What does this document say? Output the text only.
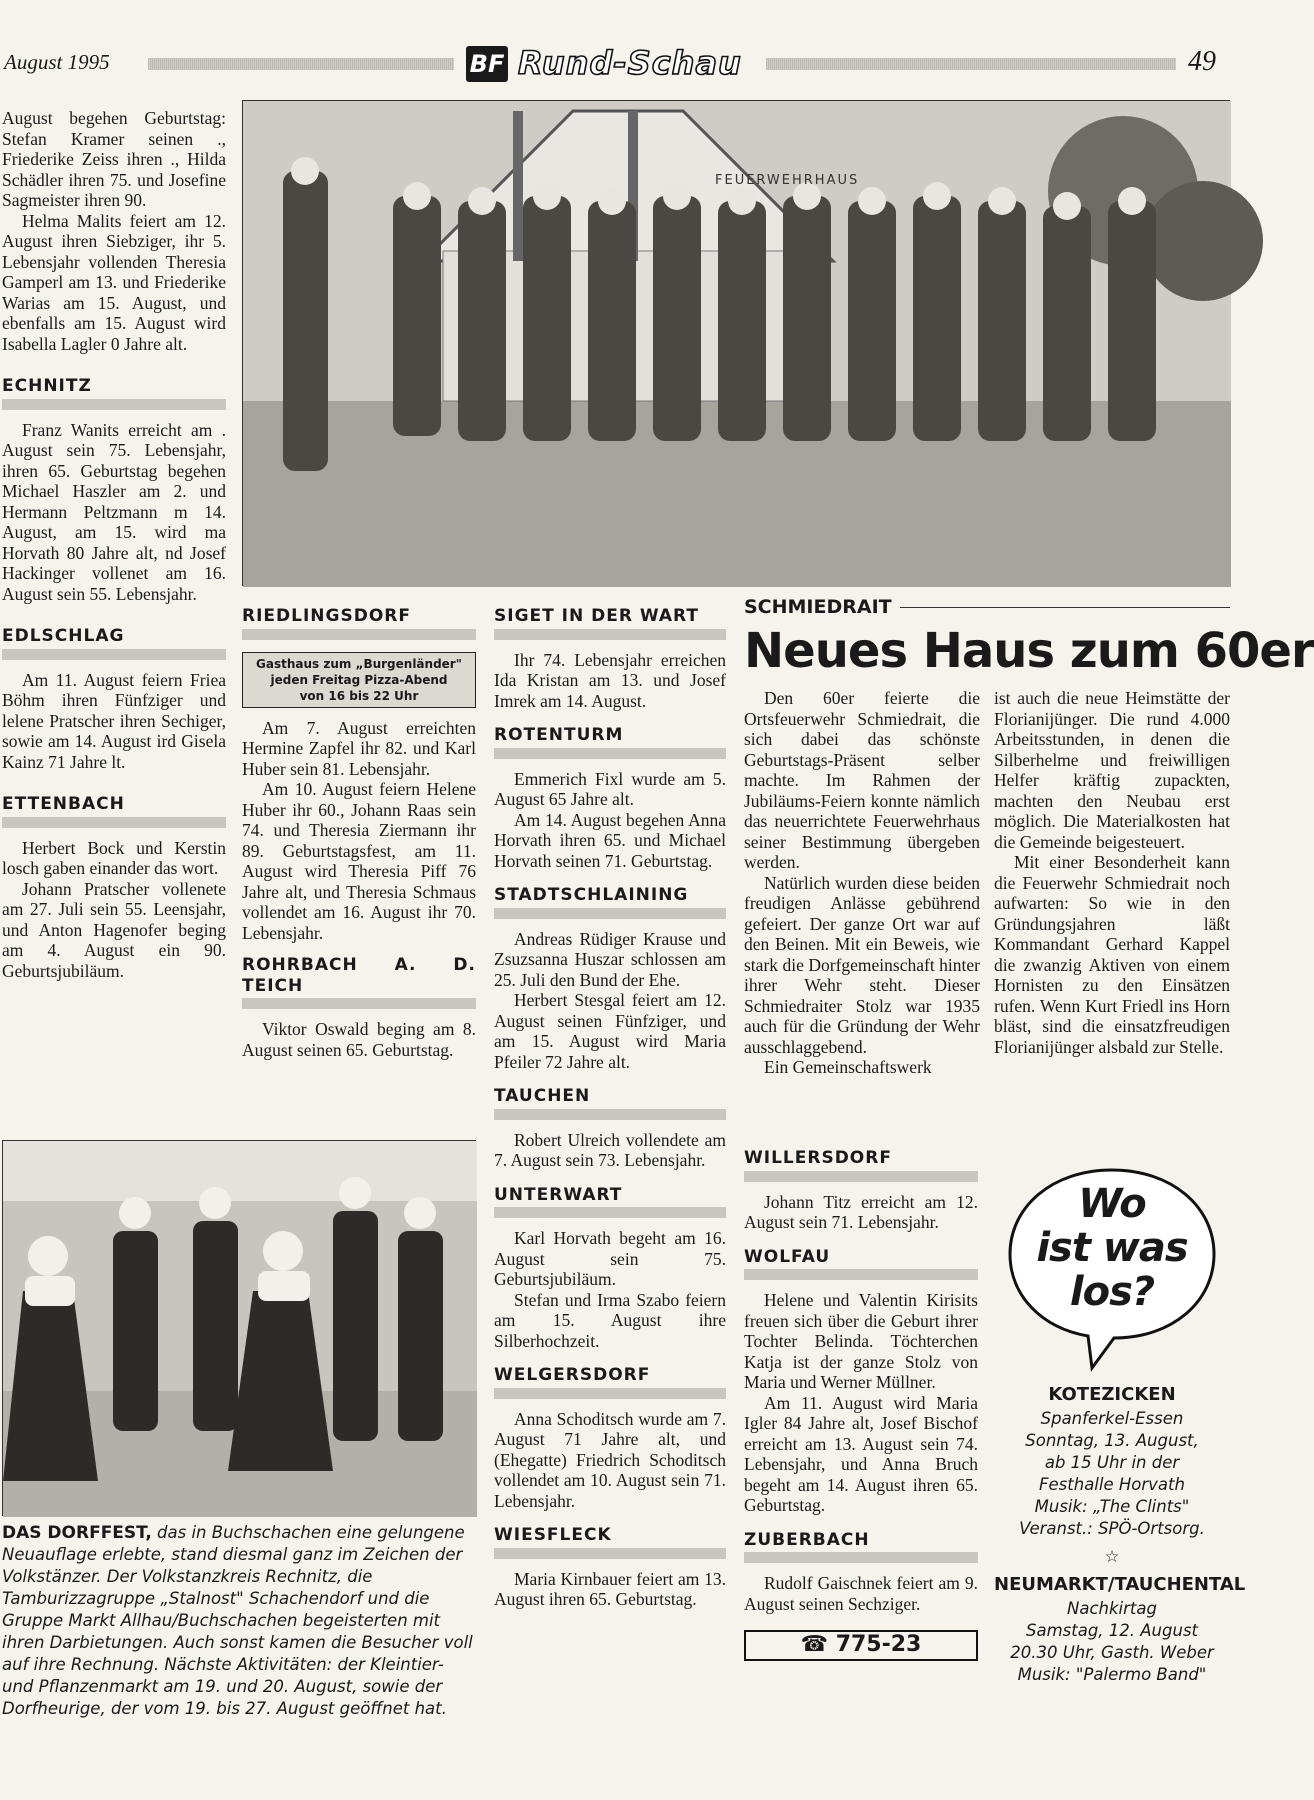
August 1995	BF Rund-Schau	49

August begehen Geburtstag: Stefan Kramer seinen ., Friederike Zeiss ihren ., Hilda Schädler ihren 75. und Josefine Sagmeister ihren 90.

Helma Malits feiert am 12. August ihren Siebziger, ihr 5. Lebensjahr vollenden Theresia Gamperl am 13. und Friederike Warias am 15. August, und ebenfalls am 15. August wird Isabella Lagler 0 Jahre alt.

ECHNITZ

Franz Wanits erreicht am . August sein 75. Lebensjahr, ihren 65. Geburtstag begehen Michael Haszler am 2. und Hermann Peltzmann m 14. August, am 15. wird ma Horvath 80 Jahre alt, nd Josef Hackinger vollenet am 16. August sein 55. Lebensjahr.

EDLSCHLAG

Am 11. August feiern Friea Böhm ihren Fünfziger und lelene Pratscher ihren Sechiger, sowie am 14. August ird Gisela Kainz 71 Jahre lt.

ETTENBACH

Herbert Bock und Kerstin losch gaben einander das wort.

Johann Pratscher vollenete am 27. Juli sein 55. Leensjahr, und Anton Hagenofer beging am 4. August ein 90. Geburtsjubiläum.

FEUERWEHRHAUS
RIEDLINGSDORF
Gasthaus zum „Burgenländer"
jeden Freitag Pizza-Abend
von 16 bis 22 Uhr

Am 7. August erreichten Hermine Zapfel ihr 82. und Karl Huber sein 81. Lebensjahr.

Am 10. August feiern Helene Huber ihr 60., Johann Raas sein 74. und Theresia Ziermann ihr 89. Geburtstagsfest, am 11. August wird Theresia Piff 76 Jahre alt, und Theresia Schmaus vollendet am 16. August ihr 70. Lebensjahr.

ROHRBACH A. D. TEICH

Viktor Oswald beging am 8. August seinen 65. Geburtstag.

SIGET IN DER WART

Ihr 74. Lebensjahr erreichen Ida Kristan am 13. und Josef Imrek am 14. August.

ROTENTURM

Emmerich Fixl wurde am 5. August 65 Jahre alt.

Am 14. August begehen Anna Horvath ihren 65. und Michael Horvath seinen 71. Geburtstag.

STADTSCHLAINING

Andreas Rüdiger Krause und Zsuzsanna Huszar schlossen am 25. Juli den Bund der Ehe.

Herbert Stesgal feiert am 12. August seinen Fünfziger, und am 15. August wird Maria Pfeiler 72 Jahre alt.

TAUCHEN

Robert Ulreich vollendete am 7. August sein 73. Lebensjahr.

UNTERWART

Karl Horvath begeht am 16. August sein 75. Geburtsjubiläum.

Stefan und Irma Szabo feiern am 15. August ihre Silberhochzeit.

WELGERSDORF

Anna Schoditsch wurde am 7. August 71 Jahre alt, und (Ehegatte) Friedrich Schoditsch vollendet am 10. August sein 71. Lebensjahr.

WIESFLECK

Maria Kirnbauer feiert am 13. August ihren 65. Geburtstag.

SCHMIEDRAIT
Neues Haus zum 60er

Den 60er feierte die Ortsfeuerwehr Schmiedrait, die sich dabei das schönste Geburtstags-Präsent selber machte. Im Rahmen der Jubiläums-Feiern konnte nämlich das neuerrichtete Feuerwehrhaus seiner Bestimmung übergeben werden.

Natürlich wurden diese beiden freudigen Anlässe gebührend gefeiert. Der ganze Ort war auf den Beinen. Mit ein Beweis, wie stark die Dorfgemeinschaft hinter ihrer Wehr steht. Dieser Schmiedraiter Stolz war 1935 auch für die Gründung der Wehr ausschlaggebend.

Ein Gemeinschaftswerk

ist auch die neue Heimstätte der Florianijünger. Die rund 4.000 Arbeitsstunden, in denen die Silberhelme und freiwilligen Helfer kräftig zupackten, machten den Neubau erst möglich. Die Materialkosten hat die Gemeinde beigesteuert.

Mit einer Besonderheit kann die Feuerwehr Schmiedrait noch aufwarten: So wie in den Gründungsjahren läßt Kommandant Gerhard Kappel die zwanzig Aktiven von einem Hornisten zu den Einsätzen rufen. Wenn Kurt Friedl ins Horn bläst, sind die einsatzfreudigen Florianijünger alsbald zur Stelle.

DAS DORFFEST, das in Buchschachen eine gelungene Neuauflage erlebte, stand diesmal ganz im Zeichen der Volkstänzer. Der Volkstanzkreis Rechnitz, die Tamburizzagruppe „Stalnost" Schachendorf und die Gruppe Markt Allhau/Buchschachen begeisterten mit ihren Darbietungen. Auch sonst kamen die Besucher voll auf ihre Rechnung. Nächste Aktivitäten: der Kleintier- und Pflanzenmarkt am 19. und 20. August, sowie der Dorfheurige, der vom 19. bis 27. August geöffnet hat.
WILLERSDORF

Johann Titz erreicht am 12. August sein 71. Lebensjahr.

WOLFAU

Helene und Valentin Kirisits freuen sich über die Geburt ihrer Tochter Belinda. Töchterchen Katja ist der ganze Stolz von Maria und Werner Müllner.

Am 11. August wird Maria Igler 84 Jahre alt, Josef Bischof erreicht am 13. August sein 74. Lebensjahr, und Anna Bruch begeht am 14. August ihren 65. Geburtstag.

ZUBERBACH

Rudolf Gaischnek feiert am 9. August seinen Sechziger.

☎ 775-23
Wo
ist was
los?
KOTEZICKEN
Spanferkel-Essen
Sonntag, 13. August,
ab 15 Uhr in der
Festhalle Horvath
Musik: „The Clints"
Veranst.: SPÖ-Ortsorg.
☆
NEUMARKT/TAUCHENTAL
Nachkirtag
Samstag, 12. August
20.30 Uhr, Gasth. Weber
Musik: "Palermo Band"
